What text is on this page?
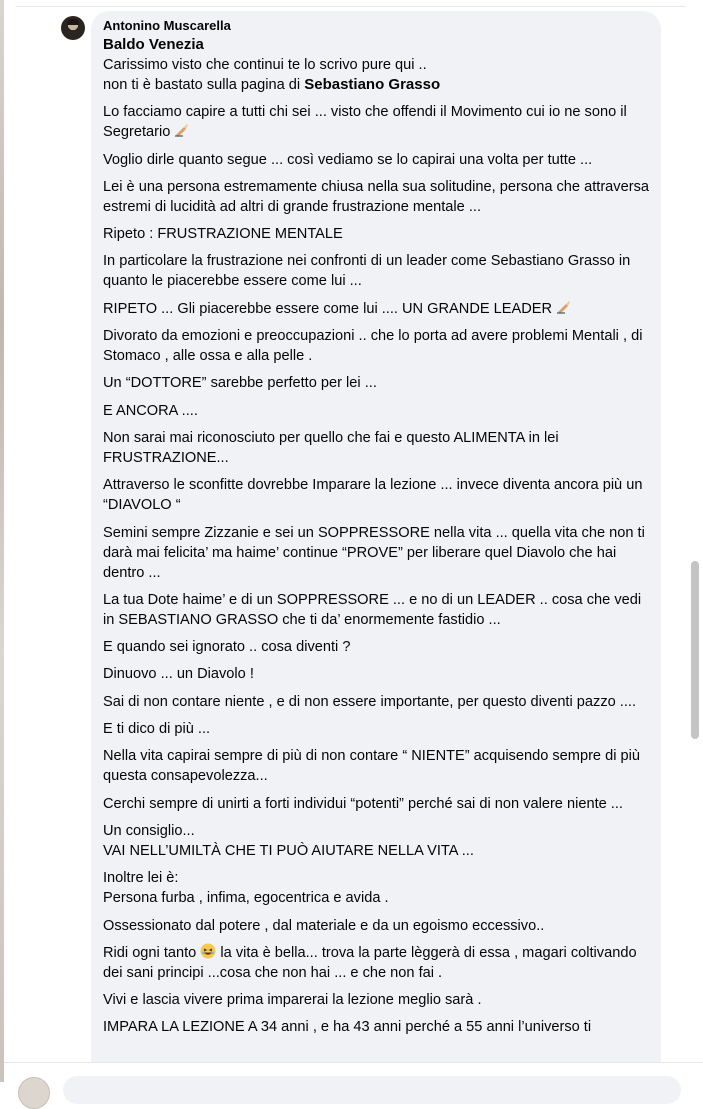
Antonino Muscarella

Baldo Venezia
Carissimo visto che continui te lo scrivo pure qui ..
non ti è bastato sulla pagina di Sebastiano Grasso

Lo facciamo capire a tutti chi sei ... visto che offendi il Movimento cui io ne sono il Segretario

Voglio dirle quanto segue ... così vediamo se lo capirai una volta per tutte ...

Lei è una persona estremamente chiusa nella sua solitudine, persona che attraversa estremi di lucidità ad altri di grande frustrazione mentale ...

Ripeto : FRUSTRAZIONE MENTALE

In particolare la frustrazione nei confronti di un leader come Sebastiano Grasso in quanto le piacerebbe essere come lui ...

RIPETO ... Gli piacerebbe essere come lui .... UN GRANDE LEADER

Divorato da emozioni e preoccupazioni .. che lo porta ad avere problemi Mentali , di Stomaco , alle ossa e alla pelle .

Un “DOTTORE” sarebbe perfetto per lei ...

E ANCORA ....

Non sarai mai riconosciuto per quello che fai e questo ALIMENTA in lei FRUSTRAZIONE...

Attraverso le sconfitte dovrebbe Imparare la lezione ... invece diventa ancora più un “DIAVOLO “

Semini sempre Zizzanie e sei un SOPPRESSORE nella vita ... quella vita che non ti darà mai felicita’ ma haime’ continue “PROVE” per liberare quel Diavolo che hai dentro ...

La tua Dote haime’ e di un SOPPRESSORE ... e no di un LEADER .. cosa che vedi in SEBASTIANO GRASSO che ti da’ enormemente fastidio ...

E quando sei ignorato .. cosa diventi ?

Dinuovo ... un Diavolo !

Sai di non contare niente , e di non essere importante, per questo diventi pazzo ....

E ti dico di più ...

Nella vita capirai sempre di più di non contare “ NIENTE” acquisendo sempre di più questa consapevolezza...

Cerchi sempre di unirti a forti individui “potenti” perché sai di non valere niente ...

Un consiglio...
VAI NELL’UMILTÀ CHE TI PUÒ AIUTARE NELLA VITA ...

Inoltre lei è:
Persona furba , infima, egocentrica e avida .

Ossessionato dal potere , dal materiale e da un egoismo eccessivo..

Ridi ogni tanto  la vita è bella... trova la parte lèggerà di essa , magari coltivando dei sani principi ...cosa che non hai ... e che non fai .

Vivi e lascia vivere prima imparerai la lezione meglio sarà .

IMPARA LA LEZIONE A 34 anni , e ha 43 anni perché a 55 anni l’universo ti
